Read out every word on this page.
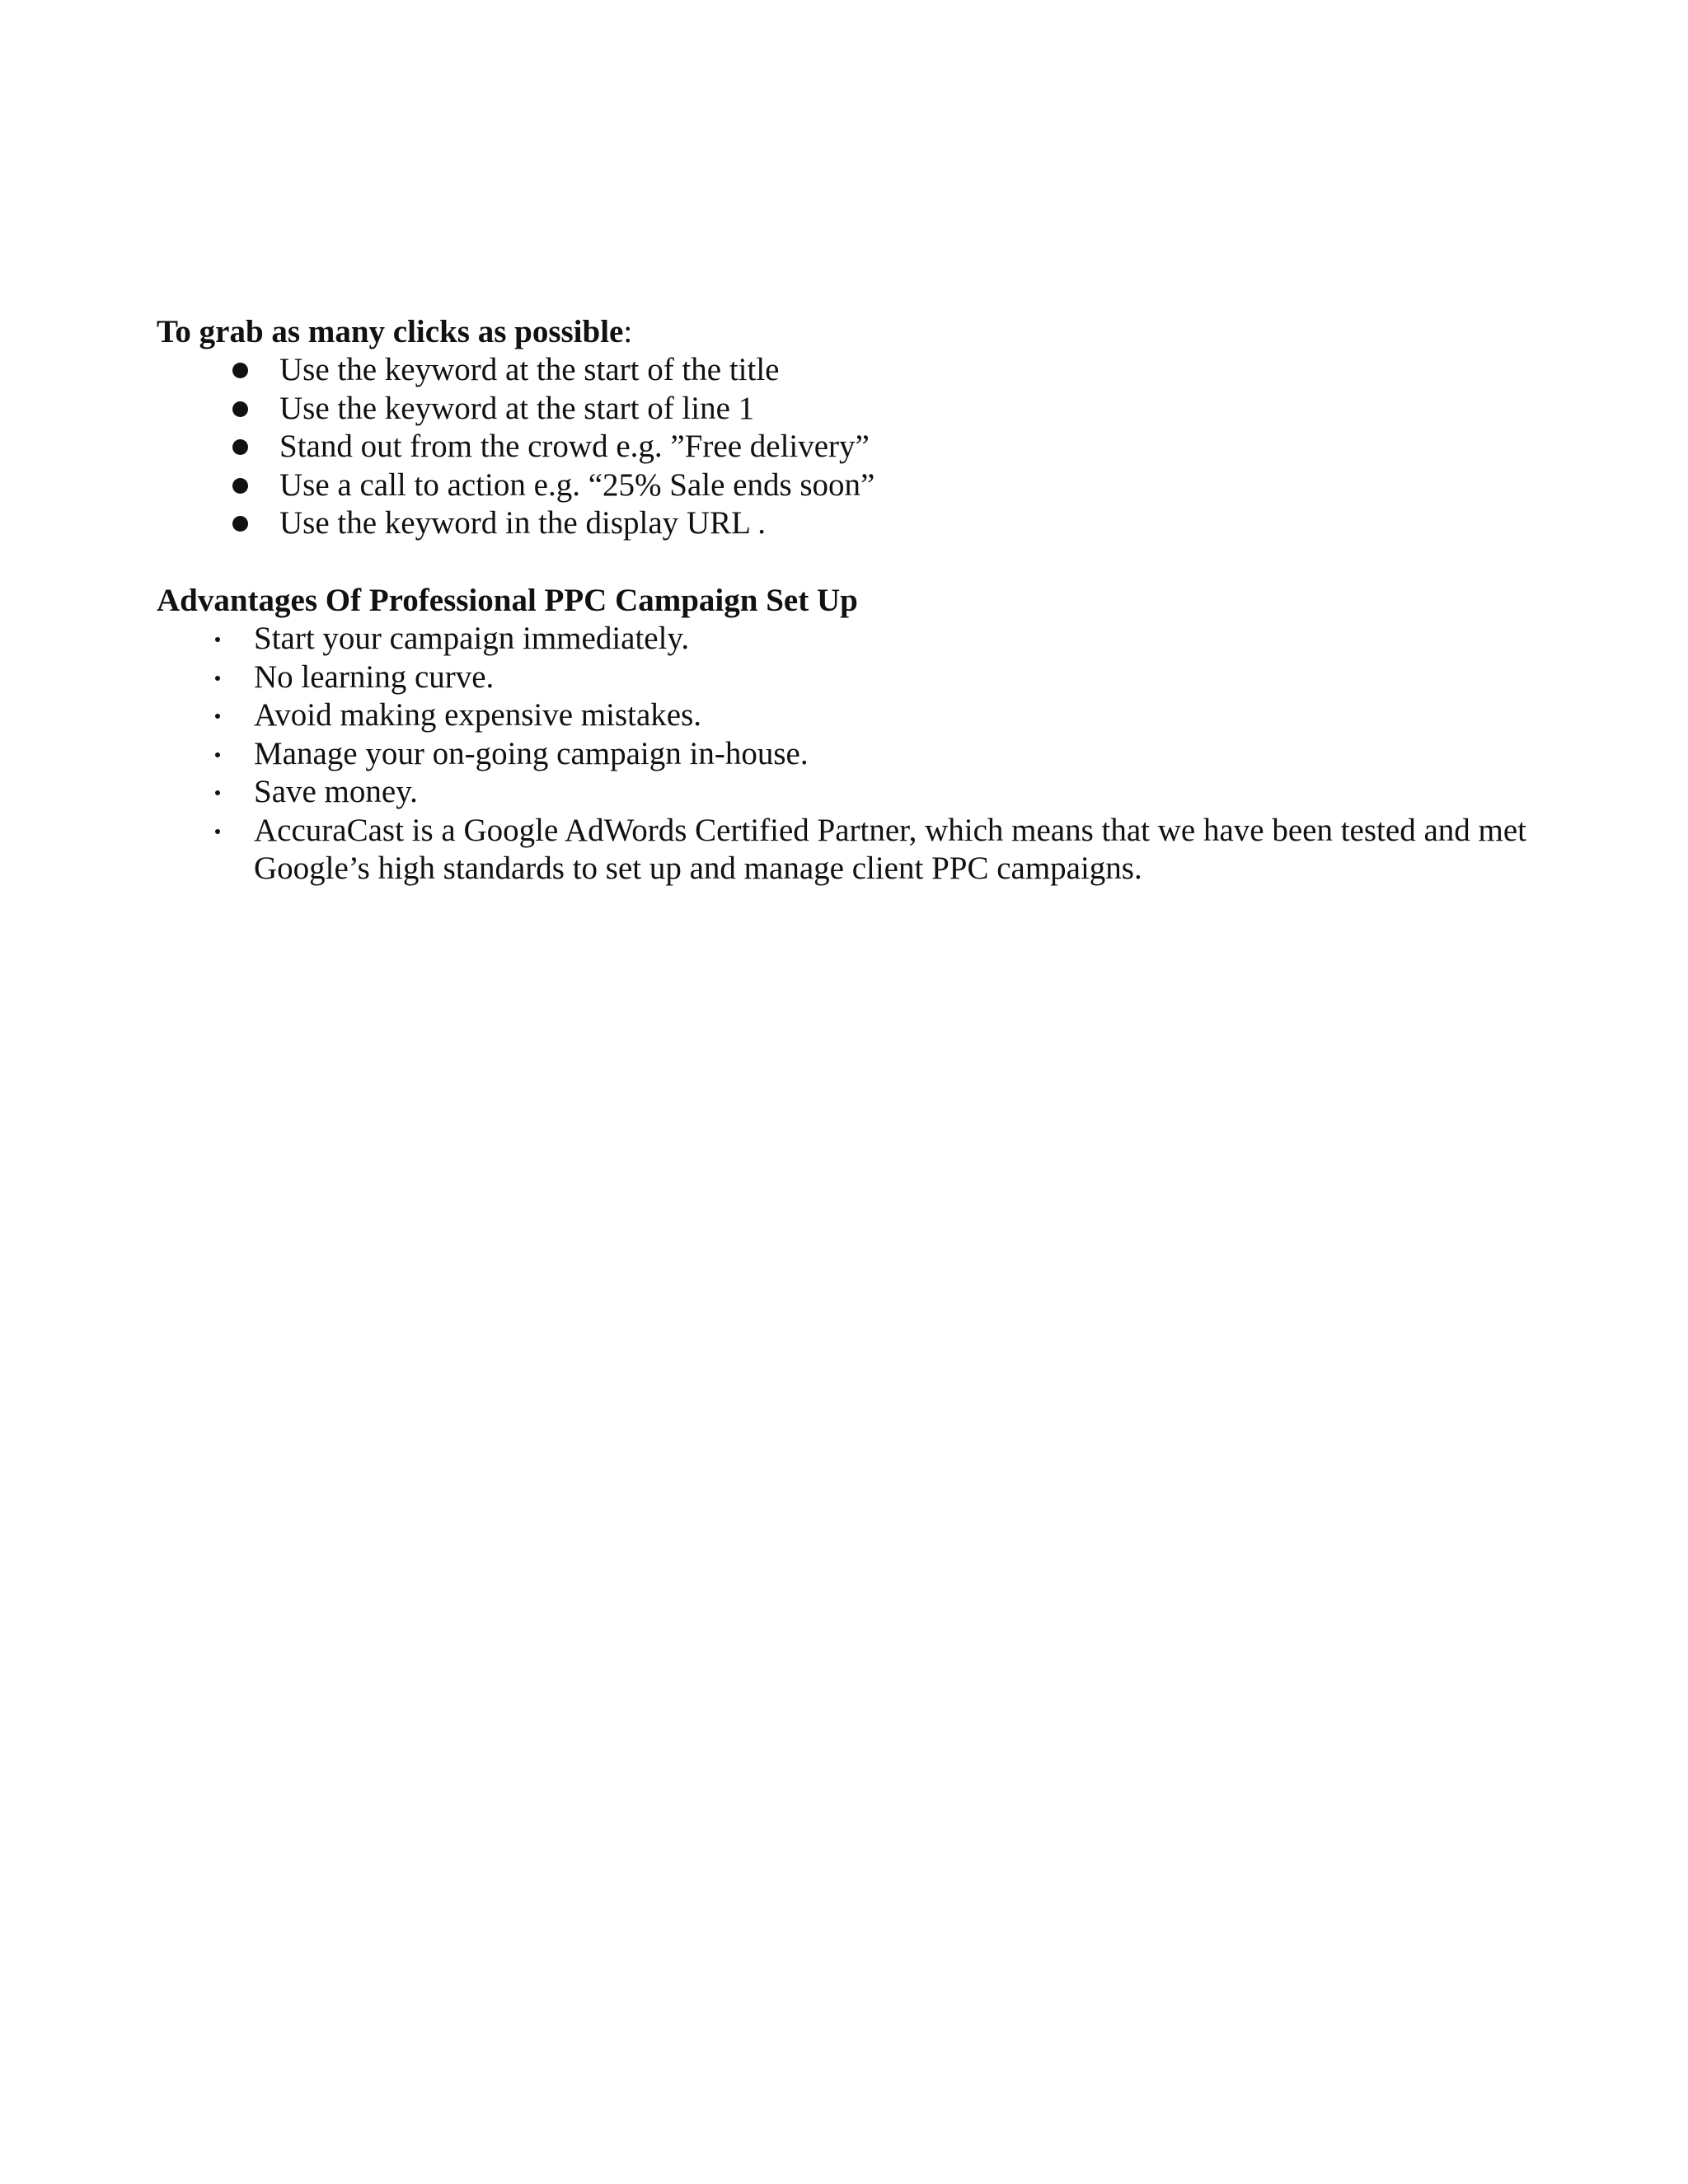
To grab as many clicks as possible:
Use the keyword at the start of the title
Use the keyword at the start of line 1
Stand out from the crowd e.g. ”Free delivery”
Use a call to action e.g. “25% Sale ends soon”
Use the keyword in the display URL .
Advantages Of Professional PPC Campaign Set Up
Start your campaign immediately.
No learning curve.
Avoid making expensive mistakes.
Manage your on-going campaign in-house.
Save money.
AccuraCast is a Google AdWords Certified Partner, which means that we have been tested and met Google’s high standards to set up and manage client PPC campaigns.
